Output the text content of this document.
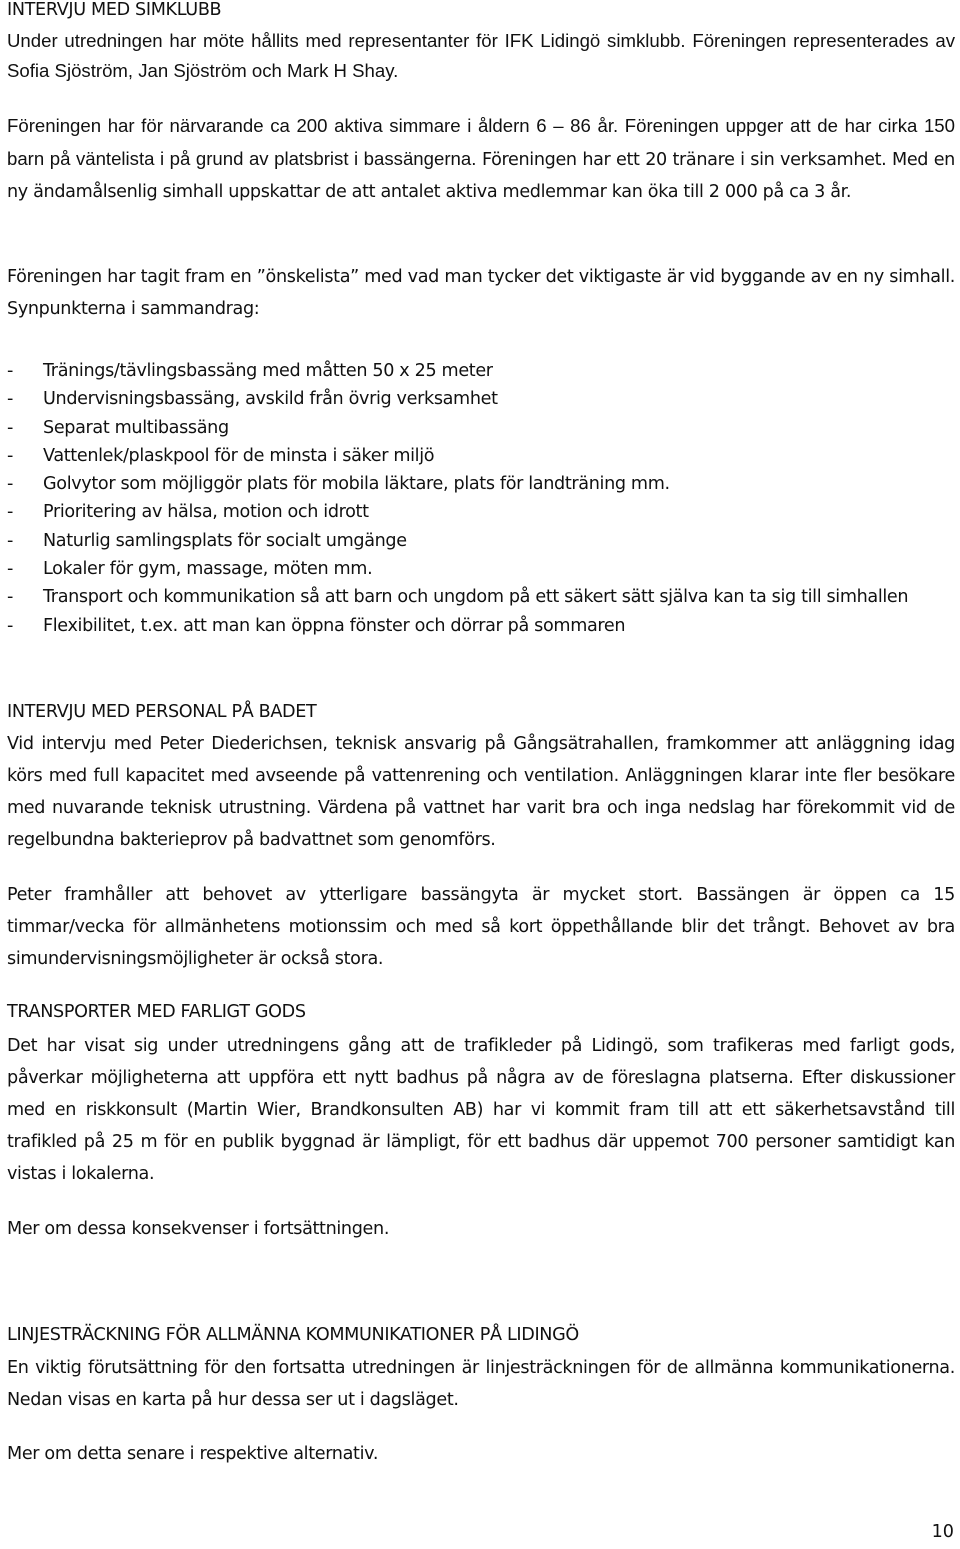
INTERVJU MED SIMKLUBB
Under utredningen har möte hållits med representanter för IFK Lidingö simklubb. Föreningen representerades av Sofia Sjöström, Jan Sjöström och Mark H Shay.
Föreningen har för närvarande ca 200 aktiva simmare i åldern 6 – 86 år. Föreningen uppger att de har cirka 150 barn på väntelista i på grund av platsbrist i bassängerna. Föreningen har ett 20 tränare i sin verksamhet. Med en ny ändamålsenlig simhall uppskattar de att antalet aktiva medlemmar kan öka till 2 000 på ca 3 år.
Föreningen har tagit fram en ”önskelista” med vad man tycker det viktigaste är vid byggande av en ny simhall. Synpunkterna i sammandrag:
- Tränings/tävlingsbassäng med måtten 50 x 25 meter
- Undervisningsbassäng, avskild från övrig verksamhet
- Separat multibassäng
- Vattenlek/plaskpool för de minsta i säker miljö
- Golvytor som möjliggör plats för mobila läktare, plats för landträning mm.
- Prioritering av hälsa, motion och idrott
- Naturlig samlingsplats för socialt umgänge
- Lokaler för gym, massage, möten mm.
- Transport och kommunikation så att barn och ungdom på ett säkert sätt själva kan ta sig till simhallen
- Flexibilitet, t.ex. att man kan öppna fönster och dörrar på sommaren
INTERVJU MED PERSONAL PÅ BADET
Vid intervju med Peter Diederichsen, teknisk ansvarig på Gångsätrahallen, framkommer att anläggning idag körs med full kapacitet med avseende på vattenrening och ventilation. Anläggningen klarar inte fler besökare med nuvarande teknisk utrustning. Värdena på vattnet har varit bra och inga nedslag har förekommit vid de regelbundna bakterieprov på badvattnet som genomförs.
Peter framhåller att behovet av ytterligare bassängyta är mycket stort. Bassängen är öppen ca 15 timmar/vecka för allmänhetens motionssim och med så kort öppethållande blir det trångt. Behovet av bra simundervisningsmöjligheter är också stora.
TRANSPORTER MED FARLIGT GODS
Det har visat sig under utredningens gång att de trafikleder på Lidingö, som trafikeras med farligt gods, påverkar möjligheterna att uppföra ett nytt badhus på några av de föreslagna platserna. Efter diskussioner med en riskkonsult (Martin Wier, Brandkonsulten AB) har vi kommit fram till att ett säkerhetsavstånd till trafikled på 25 m för en publik byggnad är lämpligt, för ett badhus där uppemot 700 personer samtidigt kan vistas i lokalerna.
Mer om dessa konsekvenser i fortsättningen.
LINJESTRÄCKNING FÖR ALLMÄNNA KOMMUNIKATIONER PÅ LIDINGÖ
En viktig förutsättning för den fortsatta utredningen är linjesträckningen för de allmänna kommunikationerna. Nedan visas en karta på hur dessa ser ut i dagsläget.
Mer om detta senare i respektive alternativ.
10
